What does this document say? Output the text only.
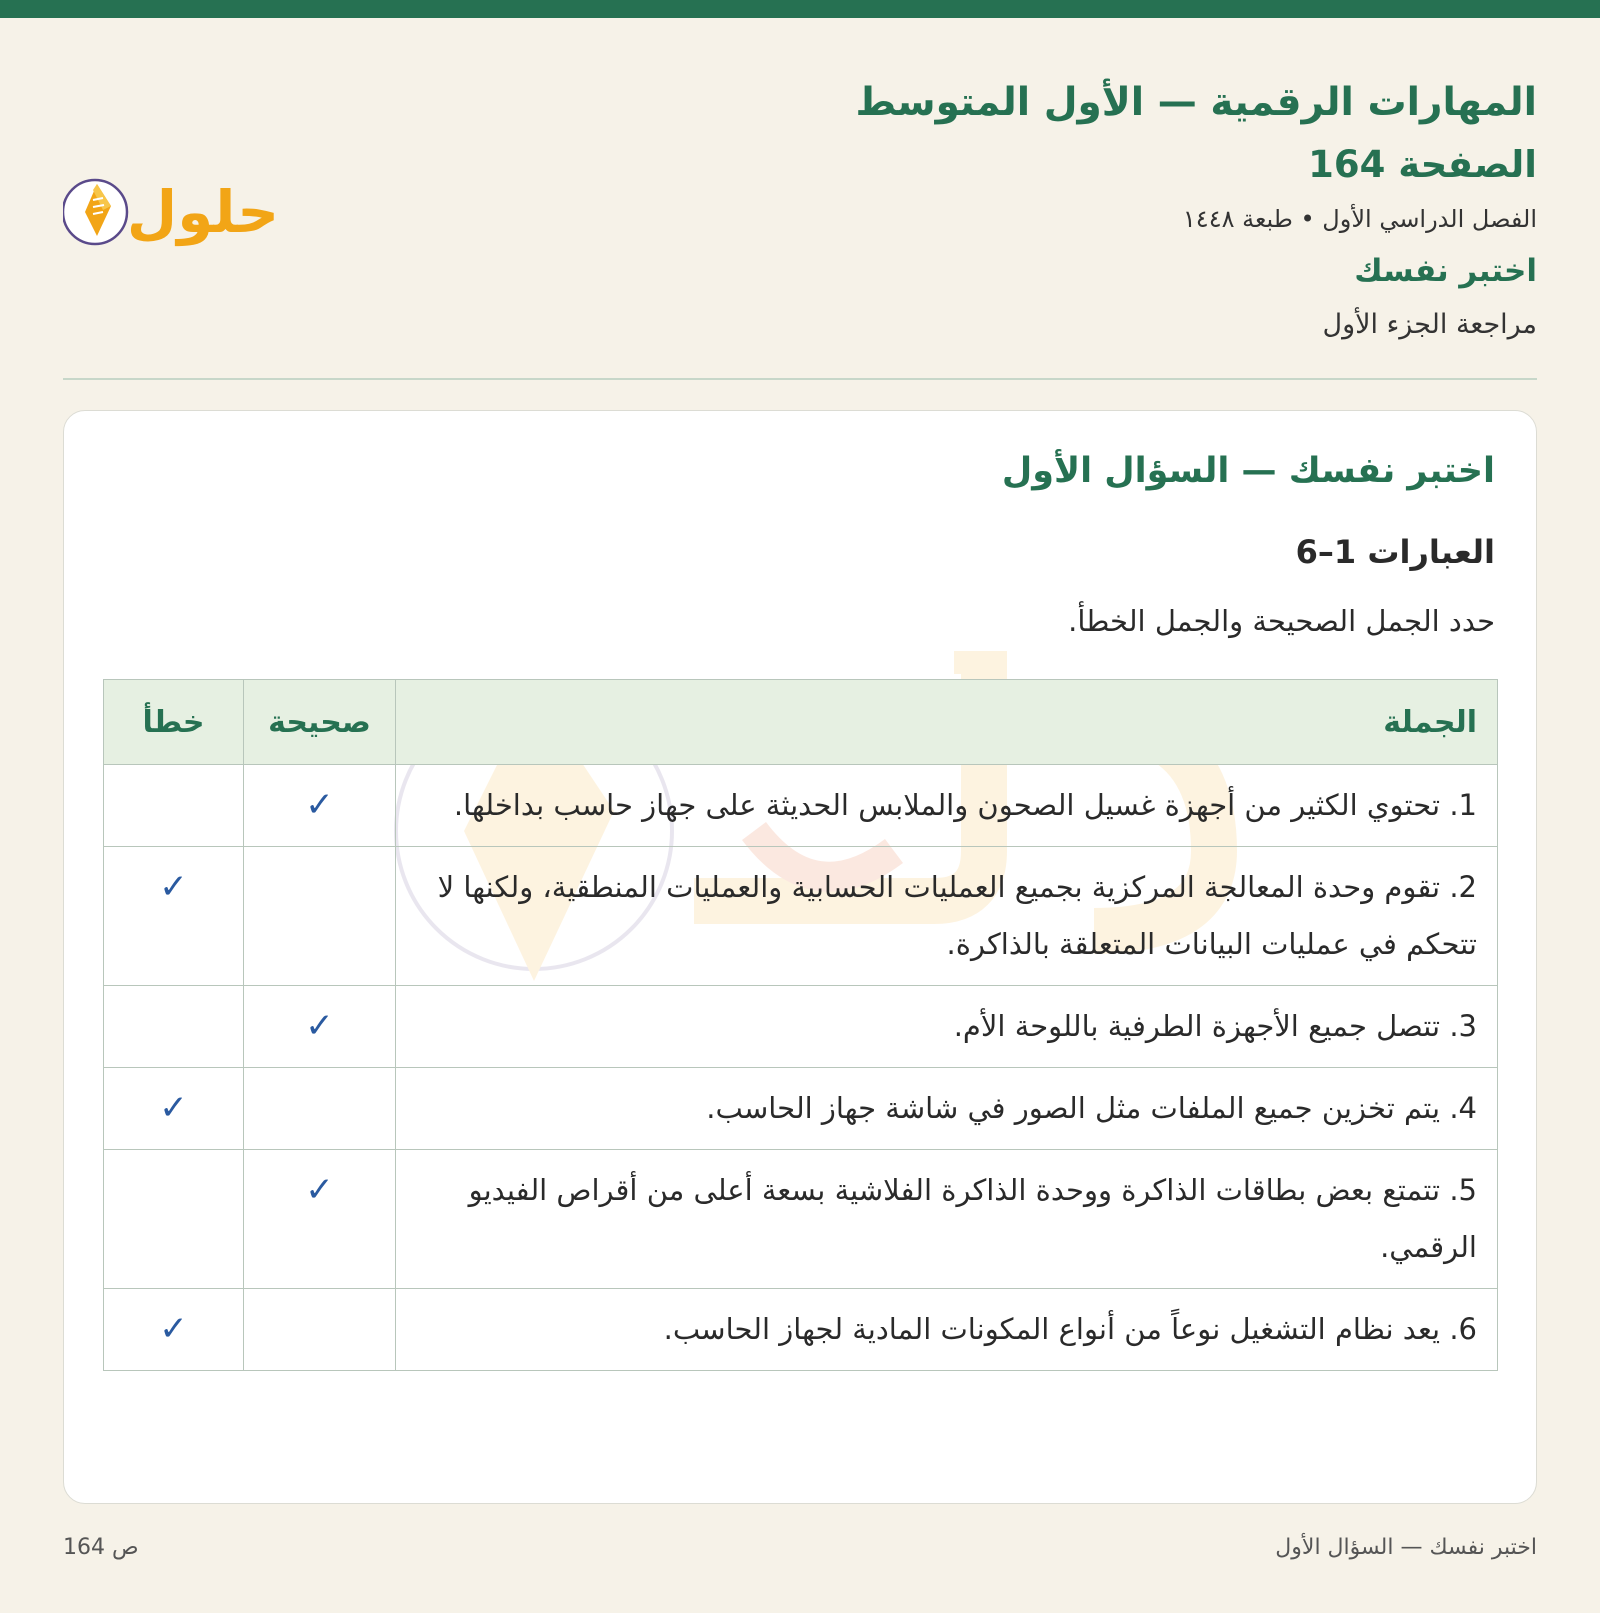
المهارات الرقمية — الأول المتوسط
الصفحة 164
الفصل الدراسي الأول • طبعة ١٤٤٨
اختبر نفسك
مراجعة الجزء الأول
حلول
اختبر نفسك — السؤال الأول
العبارات 1–6
حدد الجمل الصحيحة والجمل الخطأ.
الجملة	صحيحة	خطأ
1. تحتوي الكثير من أجهزة غسيل الصحون والملابس الحديثة على جهاز حاسب بداخلها.	✓	
2. تقوم وحدة المعالجة المركزية بجميع العمليات الحسابية والعمليات المنطقية، ولكنها لا تتحكم في عمليات البيانات المتعلقة بالذاكرة.		✓
3. تتصل جميع الأجهزة الطرفية باللوحة الأم.	✓	
4. يتم تخزين جميع الملفات مثل الصور في شاشة جهاز الحاسب.		✓
5. تتمتع بعض بطاقات الذاكرة ووحدة الذاكرة الفلاشية بسعة أعلى من أقراص الفيديو الرقمي.	✓	
6. يعد نظام التشغيل نوعاً من أنواع المكونات المادية لجهاز الحاسب.		✓
ص 164	اختبر نفسك — السؤال الأول
